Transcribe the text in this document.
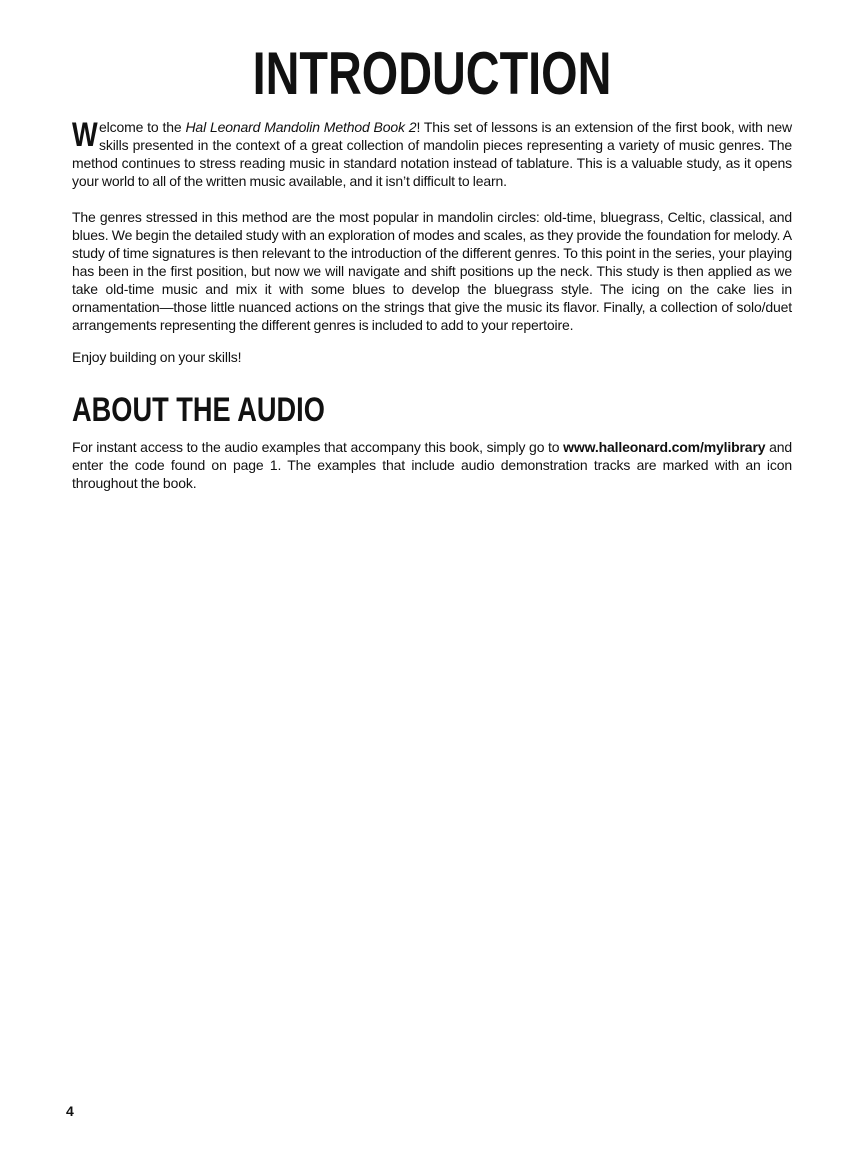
INTRODUCTION

Welcome to the Hal Leonard Mandolin Method Book 2! This set of lessons is an extension of the first book, with new skills presented in the context of a great collection of mandolin pieces representing a variety of music genres. The method continues to stress reading music in standard notation instead of tablature. This is a valuable study, as it opens your world to all of the written music available, and it isn’t difficult to learn.

The genres stressed in this method are the most popular in mandolin circles: old-time, bluegrass, Celtic, classical, and blues. We begin the detailed study with an exploration of modes and scales, as they provide the foundation for melody. A study of time signatures is then relevant to the introduction of the different genres. To this point in the series, your playing has been in the first position, but now we will navigate and shift positions up the neck. This study is then applied as we take old-time music and mix it with some blues to develop the bluegrass style. The icing on the cake lies in ornamentation—those little nuanced actions on the strings that give the music its flavor. Finally, a collection of solo/duet arrangements representing the different genres is included to add to your repertoire.

Enjoy building on your skills!

ABOUT THE AUDIO

For instant access to the audio examples that accompany this book, simply go to www.halleonard.com/mylibrary and enter the code found on page 1. The examples that include audio demonstration tracks are marked with an icon throughout the book.

4
